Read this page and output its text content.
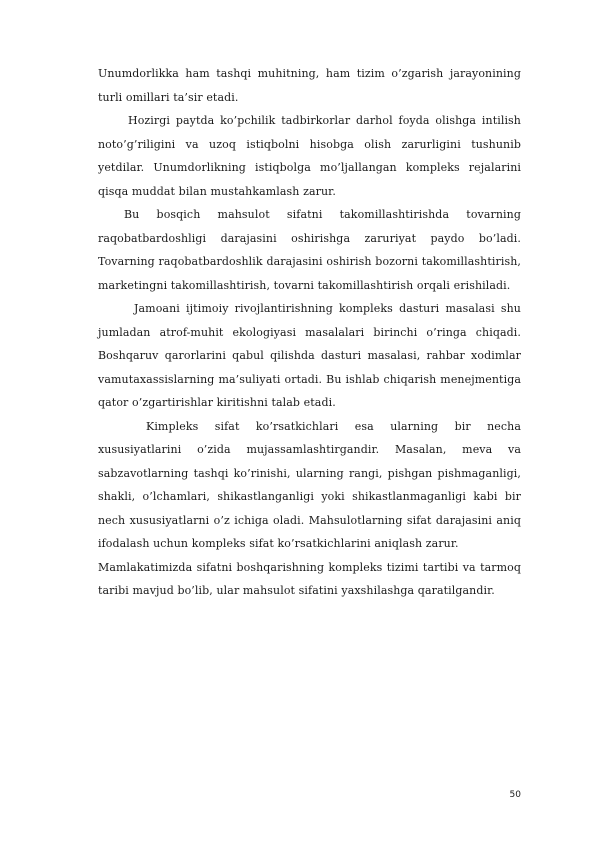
Unumdorlikka ham tashqi muhitning, ham tizim o’zgarish jarayonining turli omillari ta’sir etadi.

Hozirgi paytda ko’pchilik tadbirkorlar darhol foyda olishga intilish noto’g’riligini va uzoq istiqbolni hisobga olish zarurligini tushunib yetdilar. Unumdorlikning istiqbolga mo’ljallangan kompleks rejalarini qisqa muddat bilan mustahkamlash zarur.

Bu bosqich mahsulot sifatni takomillashtirishda tovarning raqobatbardoshligi darajasini oshirishga zaruriyat paydo bo’ladi. Tovarning raqobatbardoshlik darajasini oshirish bozorni takomillashtirish, marketingni takomillashtirish, tovarni takomillashtirish orqali erishiladi.

Jamoani ijtimoiy rivojlantirishning kompleks dasturi masalasi shu jumladan atrof-muhit ekologiyasi masalalari birinchi o’ringa chiqadi. Boshqaruv qarorlarini qabul qilishda dasturi masalasi, rahbar xodimlar vamutaxassislarning ma’suliyati ortadi. Bu ishlab chiqarish menejmentiga qator o’zgartirishlar kiritishni talab etadi.

Kimpleks sifat ko’rsatkichlari esa ularning bir necha xususiyatlarini o’zida mujassamlashtirgandir. Masalan, meva va sabzavotlarning tashqi ko’rinishi, ularning rangi, pishgan pishmaganligi, shakli, o’lchamlari, shikastlanganligi yoki shikastlanmaganligi kabi bir nech xususiyatlarni o’z ichiga oladi. Mahsulotlarning sifat darajasini aniq ifodalash uchun kompleks sifat ko’rsatkichlarini aniqlash zarur.

Mamlakatimizda sifatni boshqarishning kompleks tizimi tartibi va tarmoq taribi mavjud bo’lib, ular mahsulot sifatini yaxshilashga qaratilgandir.

50
